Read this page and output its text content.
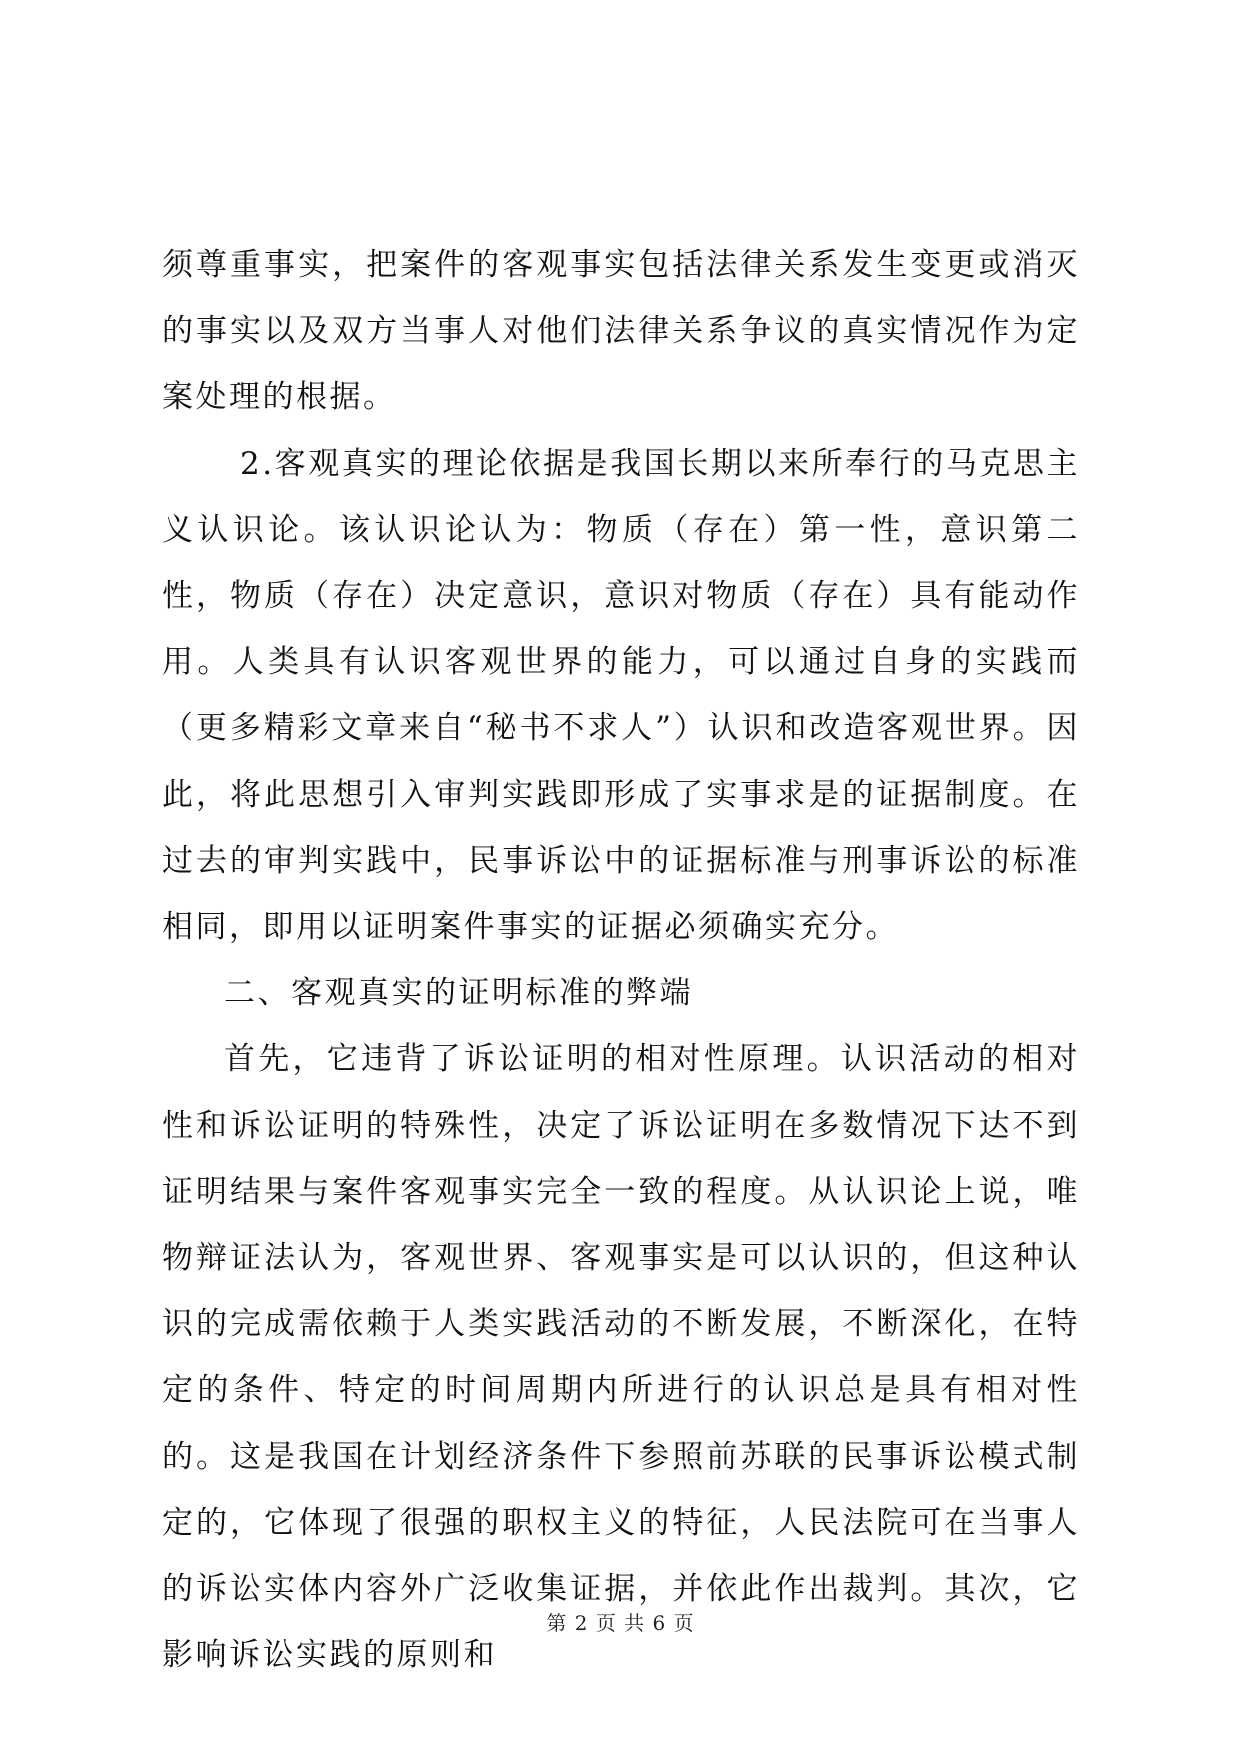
须尊重事实，把案件的客观事实包括法律关系发生变更或消灭的事实以及双方当事人对他们法律关系争议的真实情况作为定案处理的根据。

2.客观真实的理论依据是我国长期以来所奉行的马克思主义认识论。该认识论认为：物质（存在）第一性，意识第二性，物质（存在）决定意识，意识对物质（存在）具有能动作用。人类具有认识客观世界的能力，可以通过自身的实践而（更多精彩文章来自“秘书不求人”）认识和改造客观世界。因此，将此思想引入审判实践即形成了实事求是的证据制度。在过去的审判实践中，民事诉讼中的证据标准与刑事诉讼的标准相同，即用以证明案件事实的证据必须确实充分。

二、客观真实的证明标准的弊端

首先，它违背了诉讼证明的相对性原理。认识活动的相对性和诉讼证明的特殊性，决定了诉讼证明在多数情况下达不到证明结果与案件客观事实完全一致的程度。从认识论上说，唯物辩证法认为，客观世界、客观事实是可以认识的，但这种认识的完成需依赖于人类实践活动的不断发展，不断深化，在特定的条件、特定的时间周期内所进行的认识总是具有相对性的。这是我国在计划经济条件下参照前苏联的民事诉讼模式制定的，它体现了很强的职权主义的特征，人民法院可在当事人的诉讼实体内容外广泛收集证据，并依此作出裁判。其次，它影响诉讼实践的原则和

第 2 页 共 6 页
